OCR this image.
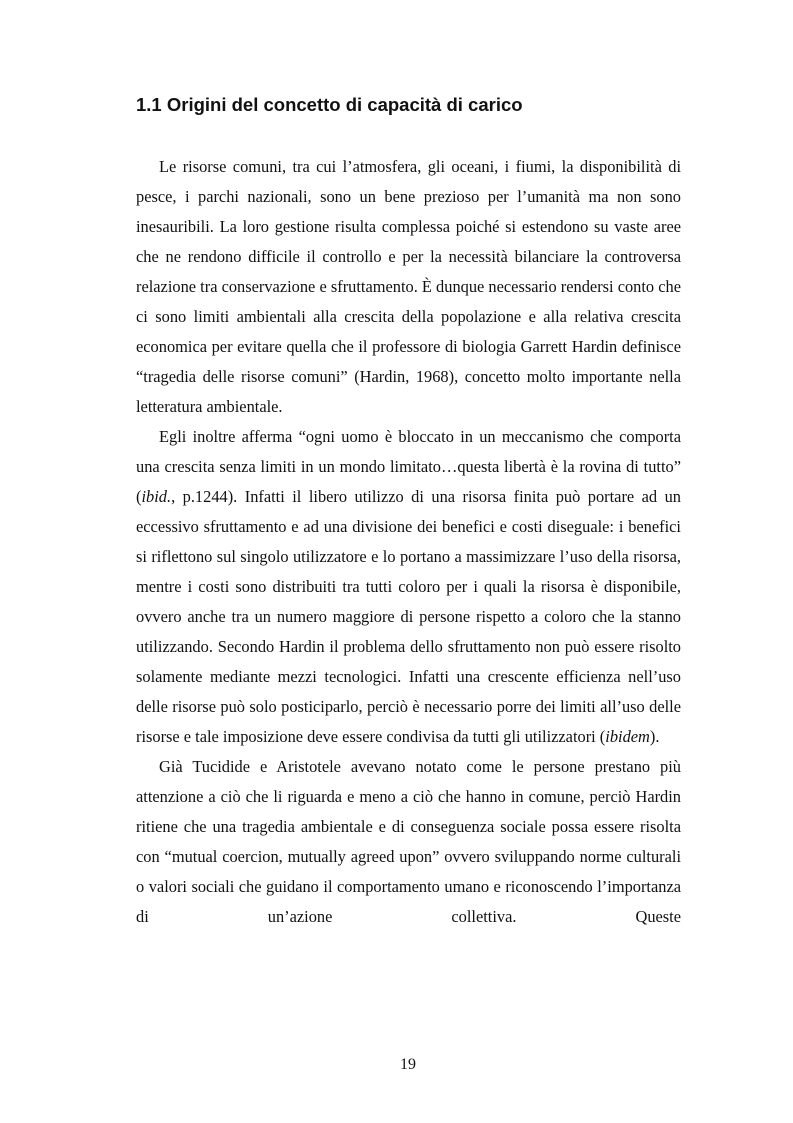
1.1 Origini del concetto di capacità di carico

Le risorse comuni, tra cui l’atmosfera, gli oceani, i fiumi, la disponibilità di pesce, i parchi nazionali, sono un bene prezioso per l’umanità ma non sono inesauribili. La loro gestione risulta complessa poiché si estendono su vaste aree che ne rendono difficile il controllo e per la necessità bilanciare la controversa relazione tra conservazione e sfruttamento. È dunque necessario rendersi conto che ci sono limiti ambientali alla crescita della popolazione e alla relativa crescita economica per evitare quella che il professore di biologia Garrett Hardin definisce “tragedia delle risorse comuni” (Hardin, 1968), concetto molto importante nella letteratura ambientale.

Egli inoltre afferma “ogni uomo è bloccato in un meccanismo che comporta una crescita senza limiti in un mondo limitato…questa libertà è la rovina di tutto” (ibid., p.1244). Infatti il libero utilizzo di una risorsa finita può portare ad un eccessivo sfruttamento e ad una divisione dei benefici e costi diseguale: i benefici si riflettono sul singolo utilizzatore e lo portano a massimizzare l’uso della risorsa, mentre i costi sono distribuiti tra tutti coloro per i quali la risorsa è disponibile, ovvero anche tra un numero maggiore di persone rispetto a coloro che la stanno utilizzando. Secondo Hardin il problema dello sfruttamento non può essere risolto solamente mediante mezzi tecnologici. Infatti una crescente efficienza nell’uso delle risorse può solo posticiparlo, perciò è necessario porre dei limiti all’uso delle risorse e tale imposizione deve essere condivisa da tutti gli utilizzatori (ibidem).

Già Tucidide e Aristotele avevano notato come le persone prestano più attenzione a ciò che li riguarda e meno a ciò che hanno in comune, perciò Hardin ritiene che una tragedia ambientale e di conseguenza sociale possa essere risolta con “mutual coercion, mutually agreed upon” ovvero sviluppando norme culturali o valori sociali che guidano il comportamento umano e riconoscendo l’importanza di un’azione collettiva. Queste

19
